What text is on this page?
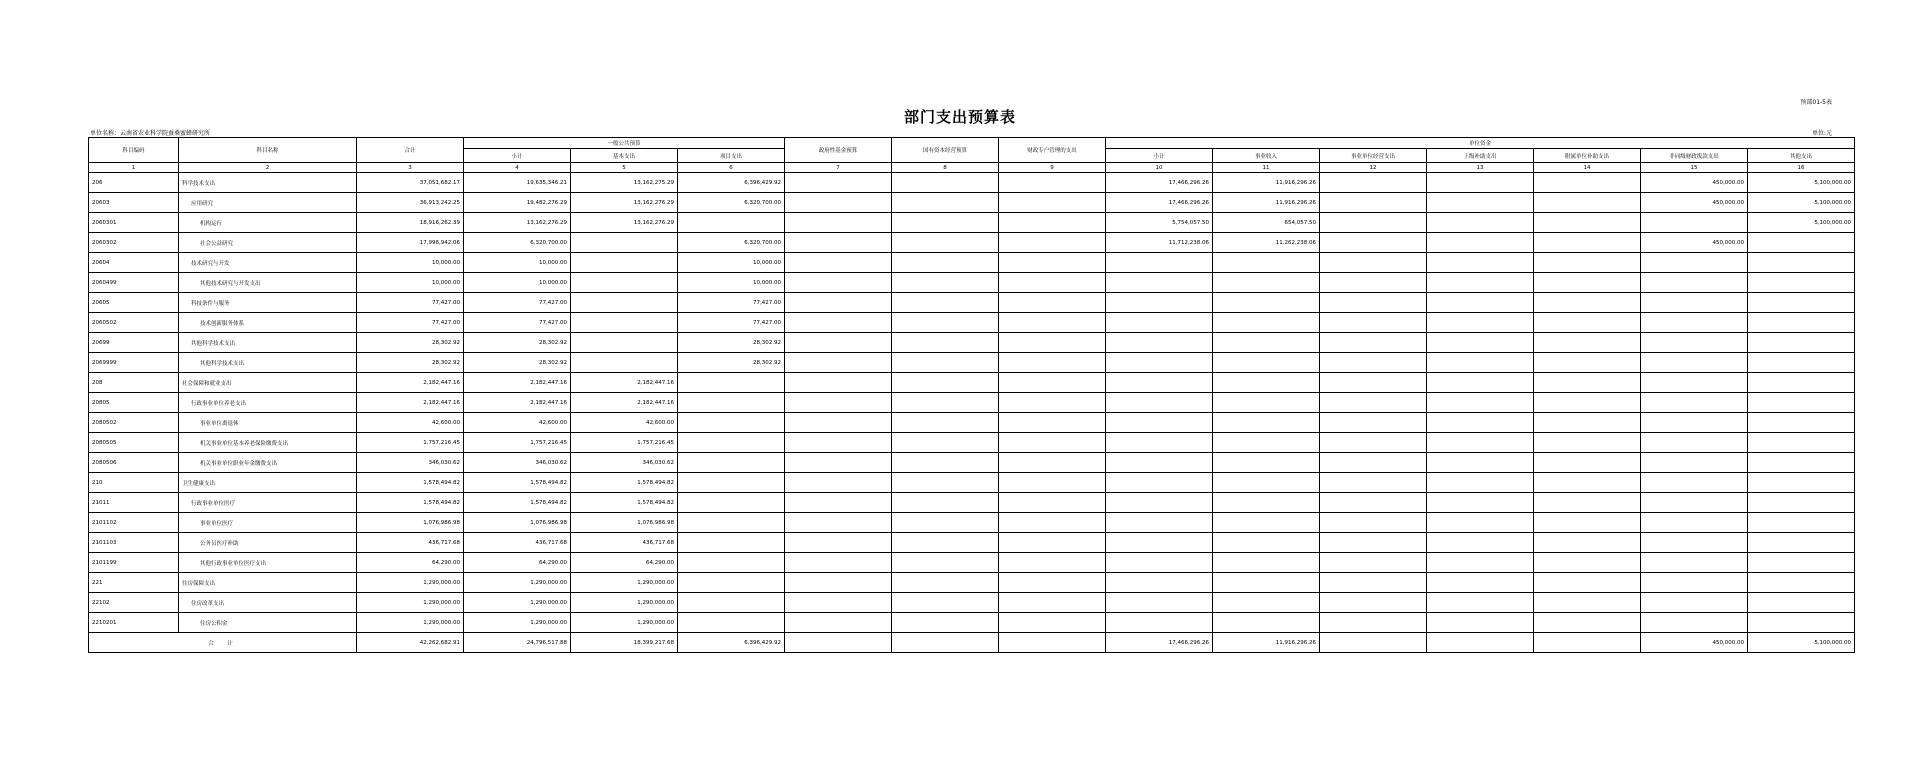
预部01-5表
部门支出预算表
单位名称：云南省农业科学院蚕桑蜜蜂研究所	单位:元
科目编码	科目名称	合计	一般公共预算			政府性基金预算	国有资本经营预算	财政专户管理的支出	单位资金						
			小计	基本支出	项目支出				小计	事业收入	事业单位经营支出	上级补助支出	附属单位补助支出	非同级财政拨款支出	其他支出
1	2	3	4	5	6	7	8	9	10	11	12	13	14	15	16
206	科学技术支出	37,051,682.17	19,635,346.21	13,162,275.29	6,396,429.92				17,466,296.26	11,916,296.26				450,000.00	5,100,000.00
20603	应用研究	36,913,242.25	19,482,276.29	13,162,276.29	6,320,700.00				17,466,296.26	11,916,296.26				450,000.00	5,100,000.00
2060301	机构运行	18,916,262.39	13,162,276.29	13,162,276.29					5,754,057.50	654,057.50					5,100,000.00
2060302	社会公益研究	17,996,942.06	6,320,700.00		6,320,700.00				11,712,238.06	11,262,238.06				450,000.00	
20604	技术研究与开发	10,000.00	10,000.00		10,000.00										
2060499	其他技术研究与开发支出	10,000.00	10,000.00		10,000.00										
20605	科技条件与服务	77,427.00	77,427.00		77,427.00										
2060502	技术创新服务体系	77,427.00	77,427.00		77,427.00										
20699	其他科学技术支出	28,302.92	28,302.92		28,302.92										
2069999	其他科学技术支出	28,302.92	28,302.92		28,302.92										
208	社会保障和就业支出	2,182,447.16	2,182,447.16	2,182,447.16											
20805	行政事业单位养老支出	2,182,447.16	2,182,447.16	2,182,447.16											
2080502	事业单位离退休	42,600.00	42,600.00	42,600.00											
2080505	机关事业单位基本养老保险缴费支出	1,757,216.45	1,757,216.45	1,757,216.45											
2080506	机关事业单位职业年金缴费支出	346,030.62	346,030.62	346,030.62											
210	卫生健康支出	1,578,494.82	1,578,494.82	1,578,494.82											
21011	行政事业单位医疗	1,578,494.82	1,578,494.82	1,578,494.82											
2101102	事业单位医疗	1,076,986.98	1,076,986.98	1,076,986.98											
2101103	公务员医疗补助	436,717.68	436,717.68	436,717.68											
2101199	其他行政事业单位医疗支出	64,290.00	64,290.00	64,290.00											
221	住房保障支出	1,290,000.00	1,290,000.00	1,290,000.00											
22102	住房改革支出	1,290,000.00	1,290,000.00	1,290,000.00											
2210201	住房公积金	1,290,000.00	1,290,000.00	1,290,000.00											
合　计		42,262,682.91	24,796,517.88	18,399,217.68	6,396,429.92				17,466,296.26	11,916,296.26				450,000.00	5,100,000.00
